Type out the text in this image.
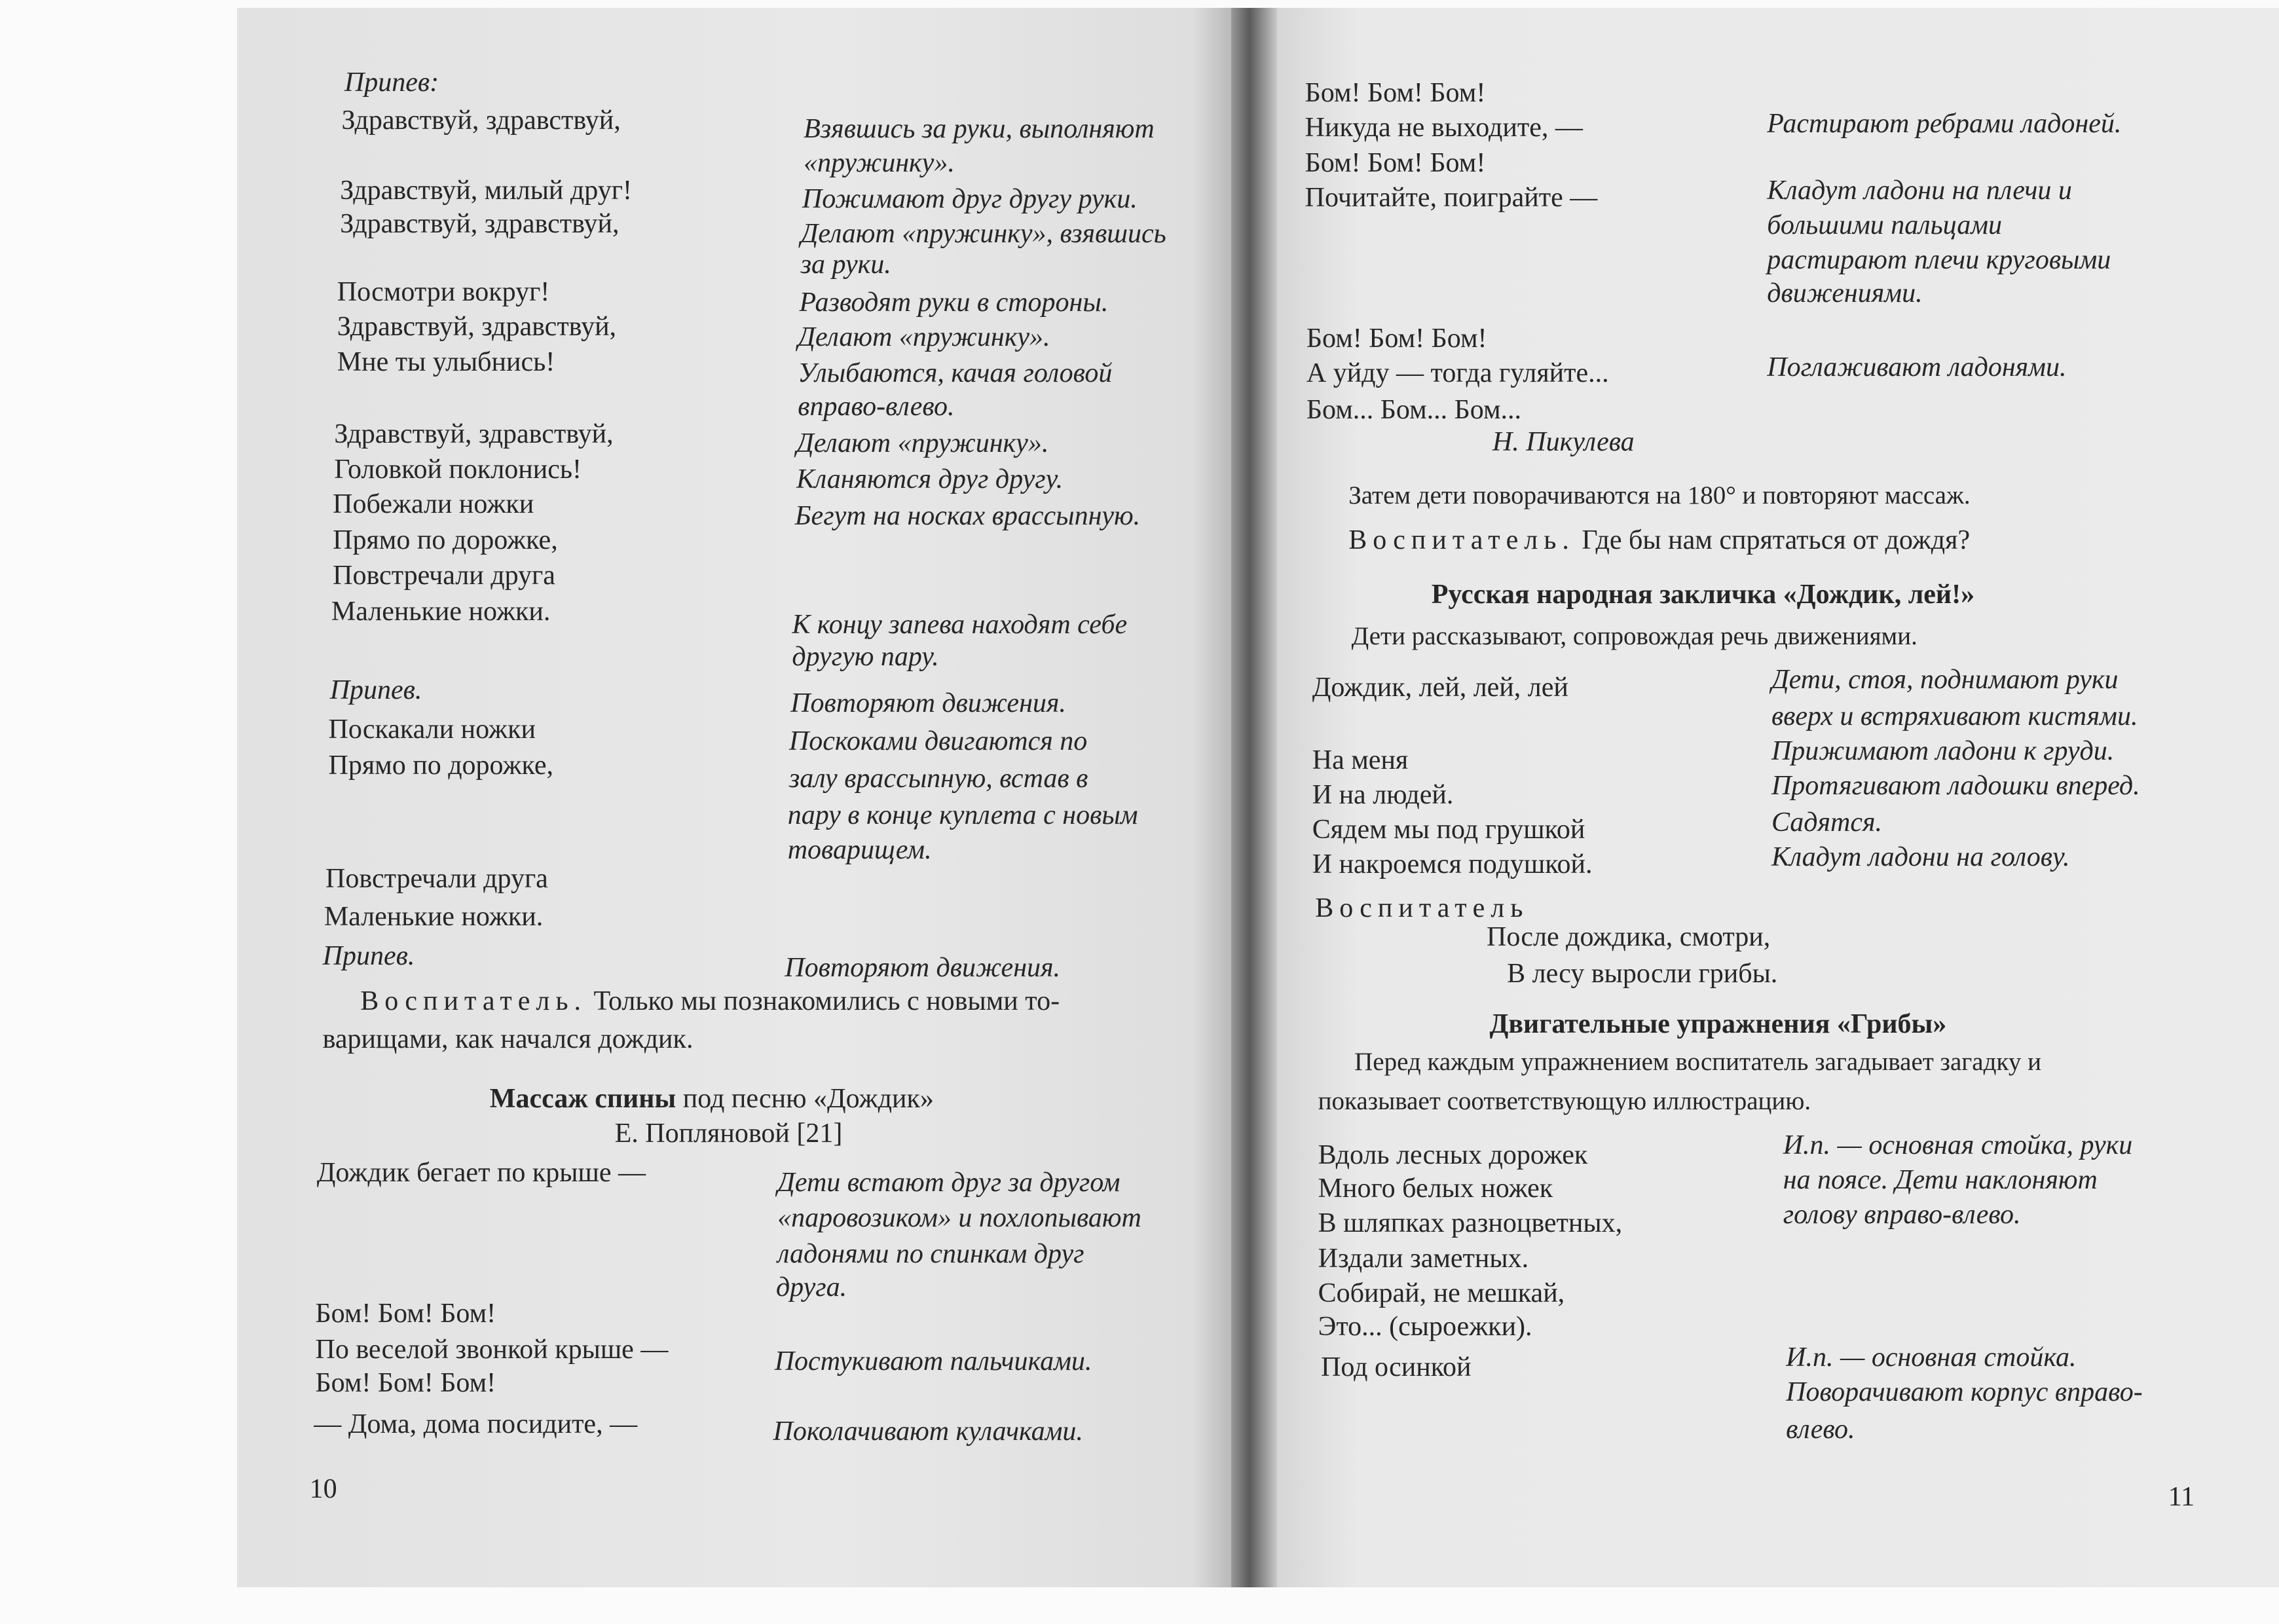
Припев:
Здравствуй, здравствуй,
Здравствуй, милый друг!
Здравствуй, здравствуй,
Посмотри вокруг!
Здравствуй, здравствуй,
Мне ты улыбнись!
Здравствуй, здравствуй,
Головкой поклонись!
Побежали ножки
Прямо по дорожке,
Повстречали друга
Маленькие ножки.
Припев.
Поскакали ножки
Прямо по дорожке,
Повстречали друга
Маленькие ножки.
Припев.
Взявшись за руки, выполняют
«пружинку».
Пожимают друг другу руки.
Делают «пружинку», взявшись
за руки.
Разводят руки в стороны.
Делают «пружинку».
Улыбаются, качая головой
вправо-влево.
Делают «пружинку».
Кланяются друг другу.
Бегут на носках врассыпную.
К концу запева находят себе
другую пару.
Повторяют движения.
Поскоками двигаются по
залу врассыпную, встав в
пару в конце куплета с новым
товарищем.
Повторяют движения.
Воспитатель. Только мы познакомились с новыми то-
варищами, как начался дождик.
Массаж спины под песню «Дождик»
Е. Попляновой [21]
Дождик бегает по крыше —
Бом! Бом! Бом!
По веселой звонкой крыше —
Бом! Бом! Бом!
— Дома, дома посидите, —
Дети встают друг за другом
«паровозиком» и похлопывают
ладонями по спинкам друг
друга.
Постукивают пальчиками.
Поколачивают кулачками.
10
Бом! Бом! Бом!
Никуда не выходите, —
Бом! Бом! Бом!
Почитайте, поиграйте —
Бом! Бом! Бом!
А уйду — тогда гуляйте...
Бом... Бом... Бом...
Растирают ребрами ладоней.
Кладут ладони на плечи и
большими пальцами
растирают плечи круговыми
движениями.
Поглаживают ладонями.
Н. Пикулева
Затем дети поворачиваются на 180° и повторяют массаж.
Воспитатель. Где бы нам спрятаться от дождя?
Русская народная закличка «Дождик, лей!»
Дети рассказывают, сопровождая речь движениями.
Дождик, лей, лей, лей
На меня
И на людей.
Сядем мы под грушкой
И накроемся подушкой.
Дети, стоя, поднимают руки
вверх и встряхивают кистями.
Прижимают ладони к груди.
Протягивают ладошки вперед.
Садятся.
Кладут ладони на голову.
Воспитатель
После дождика, смотри,
В лесу выросли грибы.
Двигательные упражнения «Грибы»
Перед каждым упражнением воспитатель загадывает загадку и
показывает соответствующую иллюстрацию.
Вдоль лесных дорожек
Много белых ножек
В шляпках разноцветных,
Издали заметных.
Собирай, не мешкай,
Это... (сыроежки).
Под осинкой
И.п. — основная стойка, руки
на поясе. Дети наклоняют
голову вправо-влево.
И.п. — основная стойка.
Поворачивают корпус вправо-
влево.
11
